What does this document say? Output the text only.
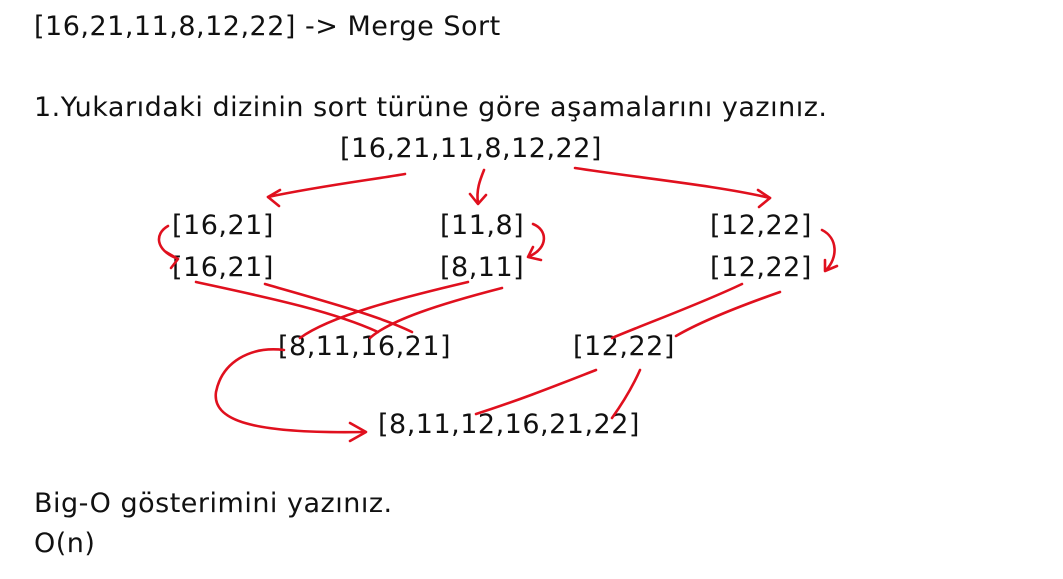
[16,21,11,8,12,22] -> Merge Sort
1.Yukarıdaki dizinin sort türüne göre aşamalarını yazınız.
[16,21,11,8,12,22]
[16,21]	[11,8]	[12,22]
[16,21]	[8,11]	[12,22]
[8,11,16,21]	[12,22]
[8,11,12,16,21,22]
Big-O gösterimini yazınız.
O(n)
